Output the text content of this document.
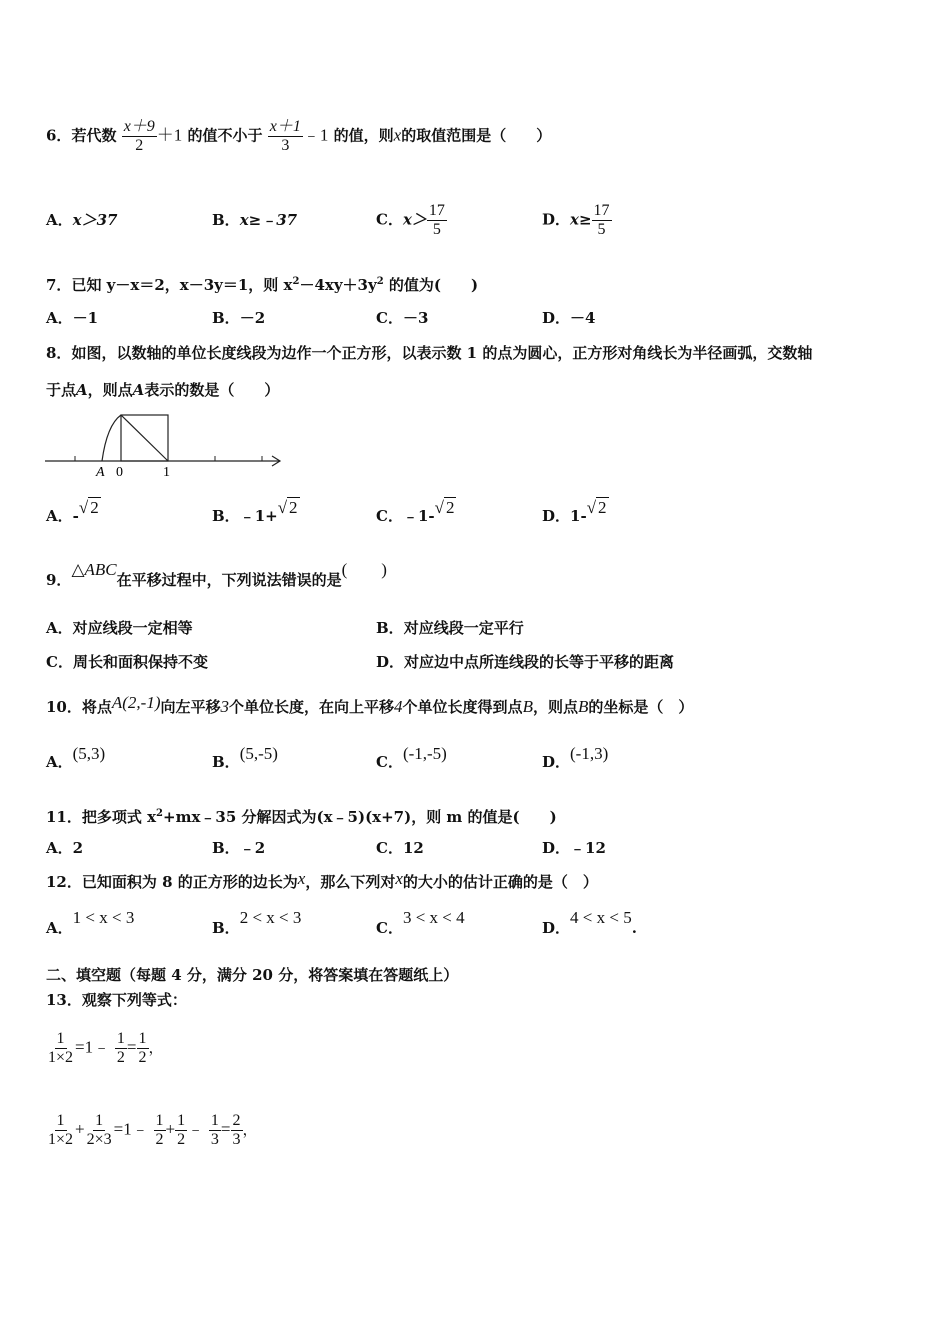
6．若代数 $\frac{x+9}{2} +1$ 的值不小于 $\frac{x+1}{3}$ ﹣1 的值，则x的取值范围是（　　）
A．x＞37	B．x≥﹣37	C．$x> \frac{17}{5}$	D．$x\ge \frac{17}{5}$
7．已知 y－x＝2，x－3y＝1，则 $x^2-4xy+3y^2$ 的值为(　　)
A．－1	B．－2	C．－3	D．－4
8．如图，以数轴的单位长度线段为边作一个正方形，以表示数 1 的点为圆心，正方形对角线长为半径画弧，交数轴
于点A，则点A表示的数是（　　）
A 0	1
A．-√ 2	B．﹣1+√ 2	C．﹣1-√ 2	D．1-√ 2
9．△ABC在平移过程中，下列说法错误的是(　　)
A．对应线段一定相等	B．对应线段一定平行
C．周长和面积保持不变	D．对应边中点所连线段的长等于平移的距离
10．将点A(2,-1)向左平移3个单位长度，在向上平移4个单位长度得到点B，则点B的坐标是（　）
A．(5,3)	B．(5,-5)	C．(-1,-5)	D．(-1,3)
11．把多项式 $x^2+mx﹣35$ 分解因式为(x﹣5)(x+7)，则 m 的值是(　　)
A．2	B．﹣2	C．12	D．﹣12
12．已知面积为 8 的正方形的边长为x，那么下列对x的大小的估计正确的是（　）
A．1 < x < 3
B．2 < x < 3
C．3 < x < 4
D．4 < x < 5.
二、填空题（每题 4 分，满分 20 分，将答案填在答题纸上）
13．观察下列等式：
$\frac{1}{1\times 2}$ =1﹣ $\frac{1}{2} = \frac{1}{2}$ ，
$\frac{1}{1\times 2} + \frac{1}{2\times 3}$ =1﹣ $\frac{1}{2} + \frac{1}{2}$ ﹣ $\frac{1}{3} = \frac{2}{3}$ ，
